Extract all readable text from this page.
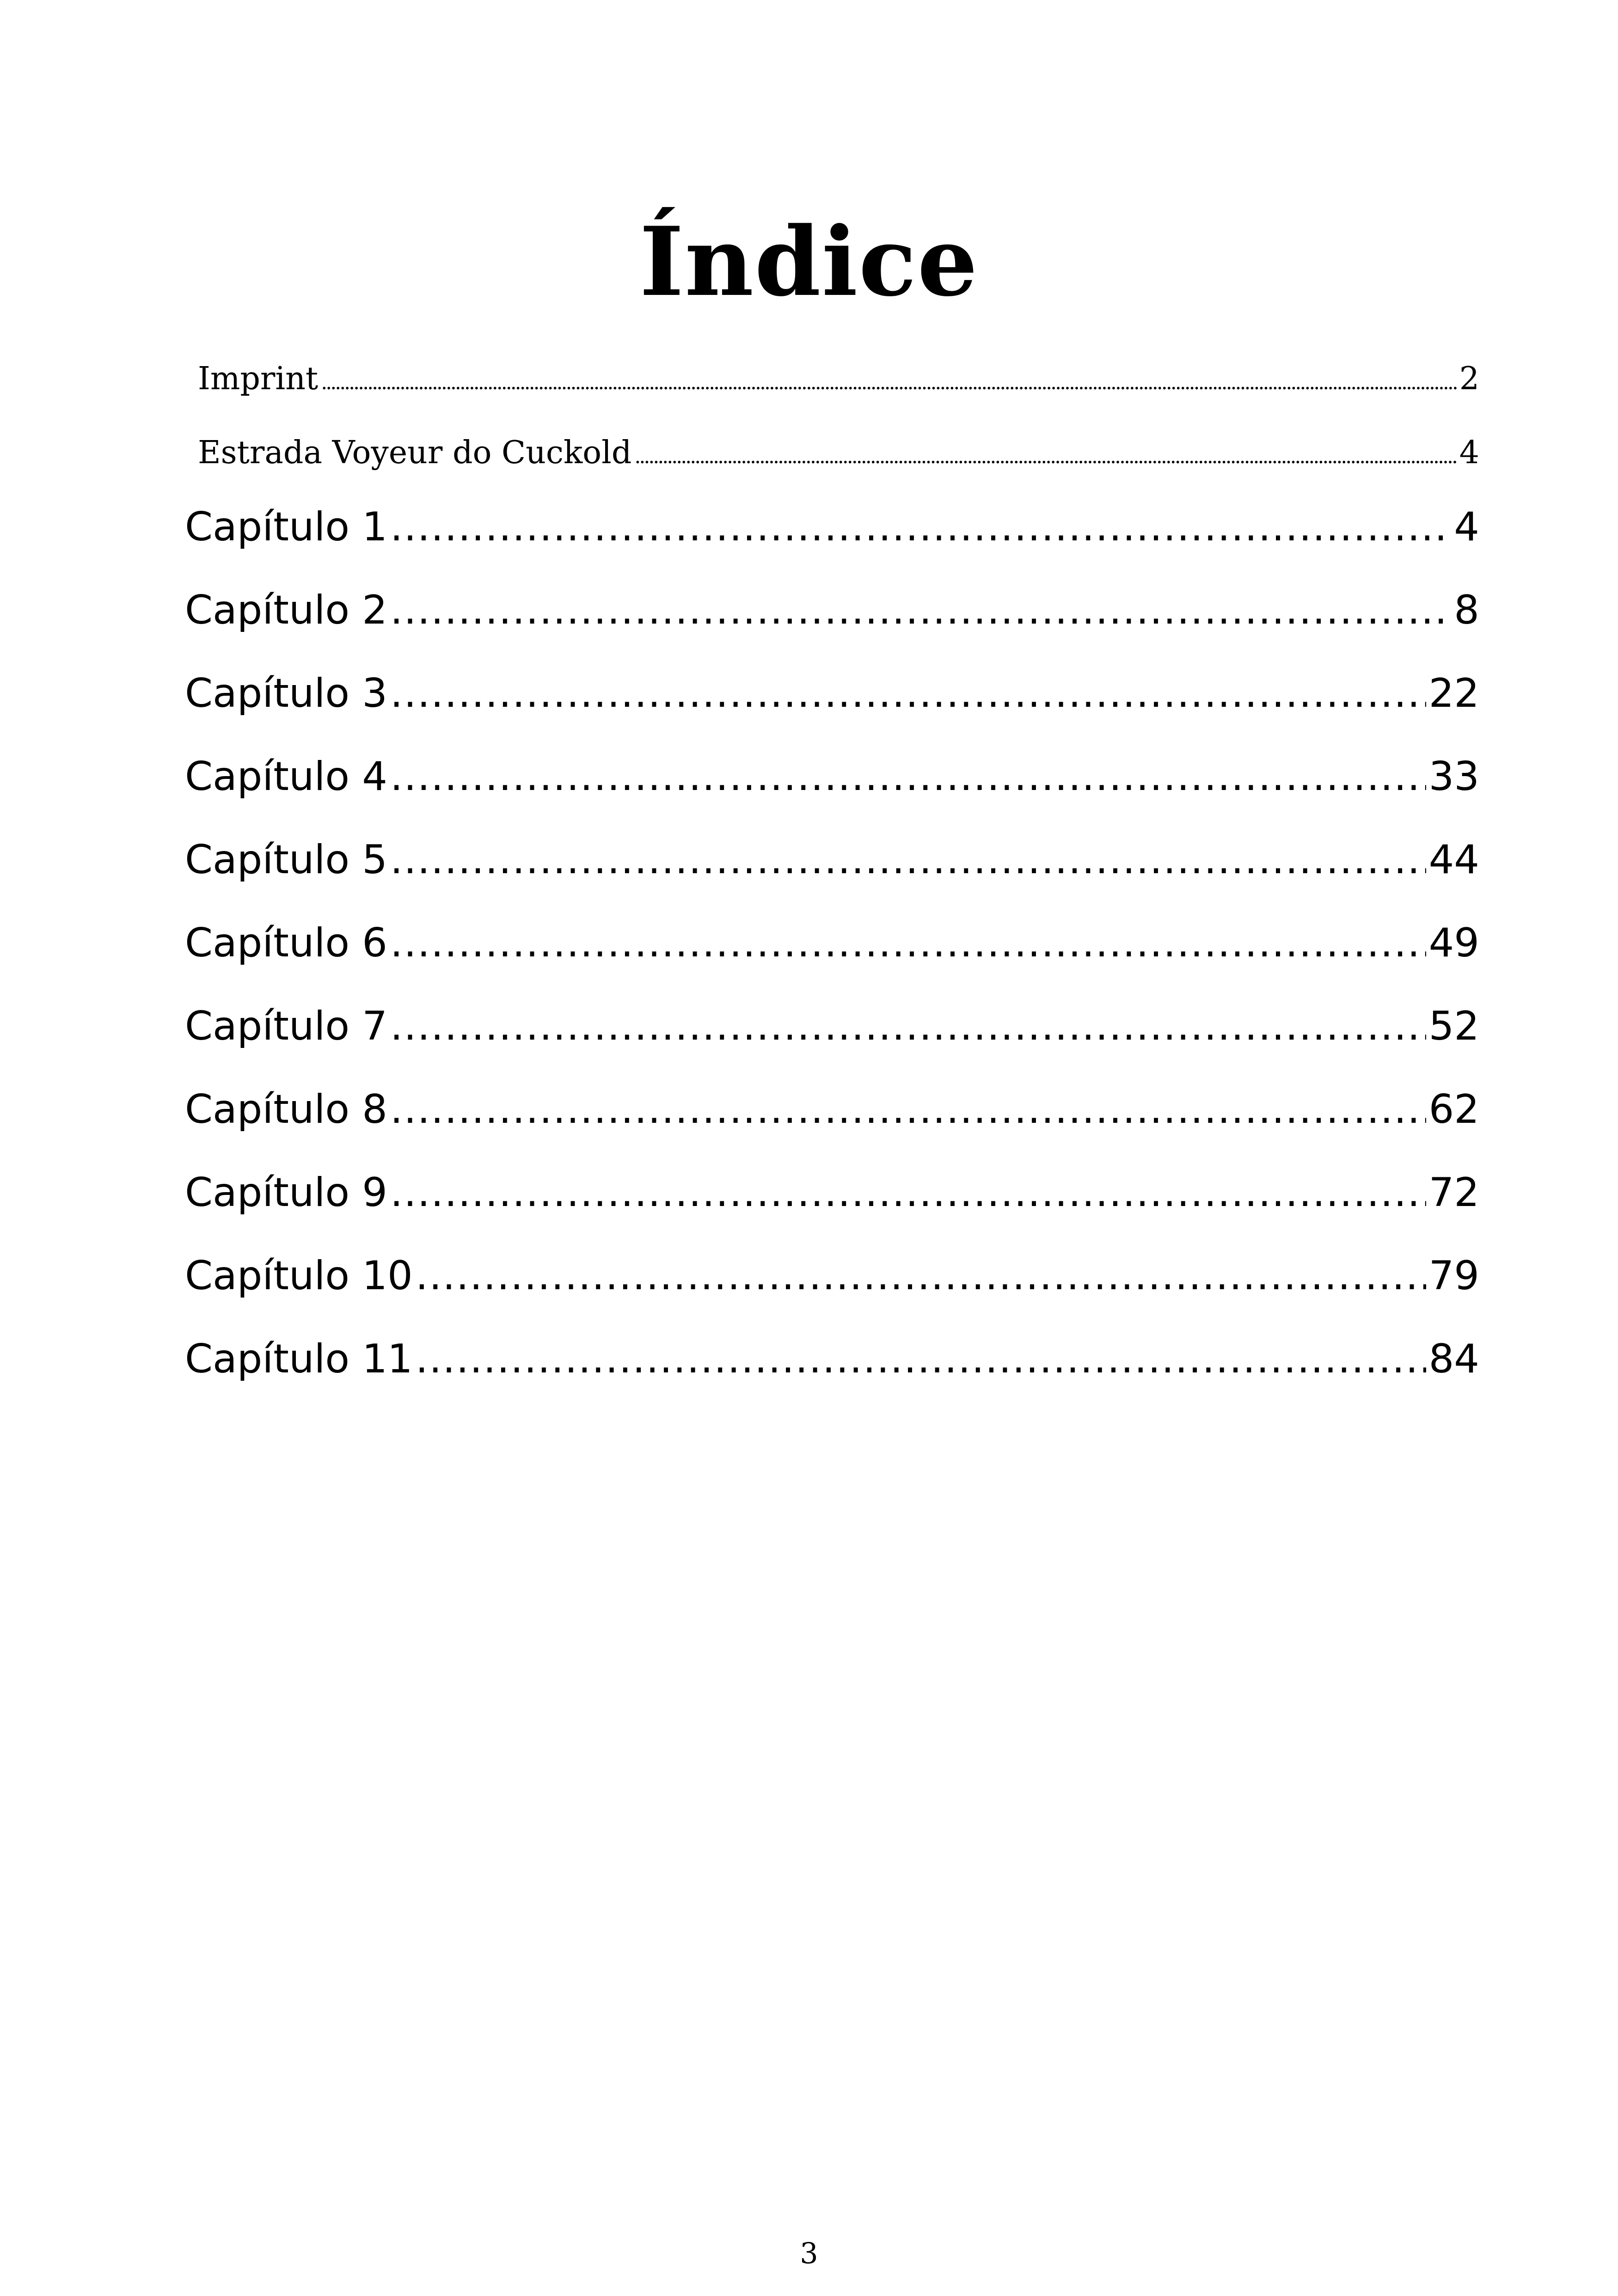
Índice
Imprint .....	2
Estrada Voyeur do Cuckold .....	4
Capítulo 1 .....	4
Capítulo 2 .....	8
Capítulo 3 .....	22
Capítulo 4 .....	33
Capítulo 5 .....	44
Capítulo 6 .....	49
Capítulo 7 .....	52
Capítulo 8 .....	62
Capítulo 9 .....	72
Capítulo 10 .....	79
Capítulo 11 .....	84
3
